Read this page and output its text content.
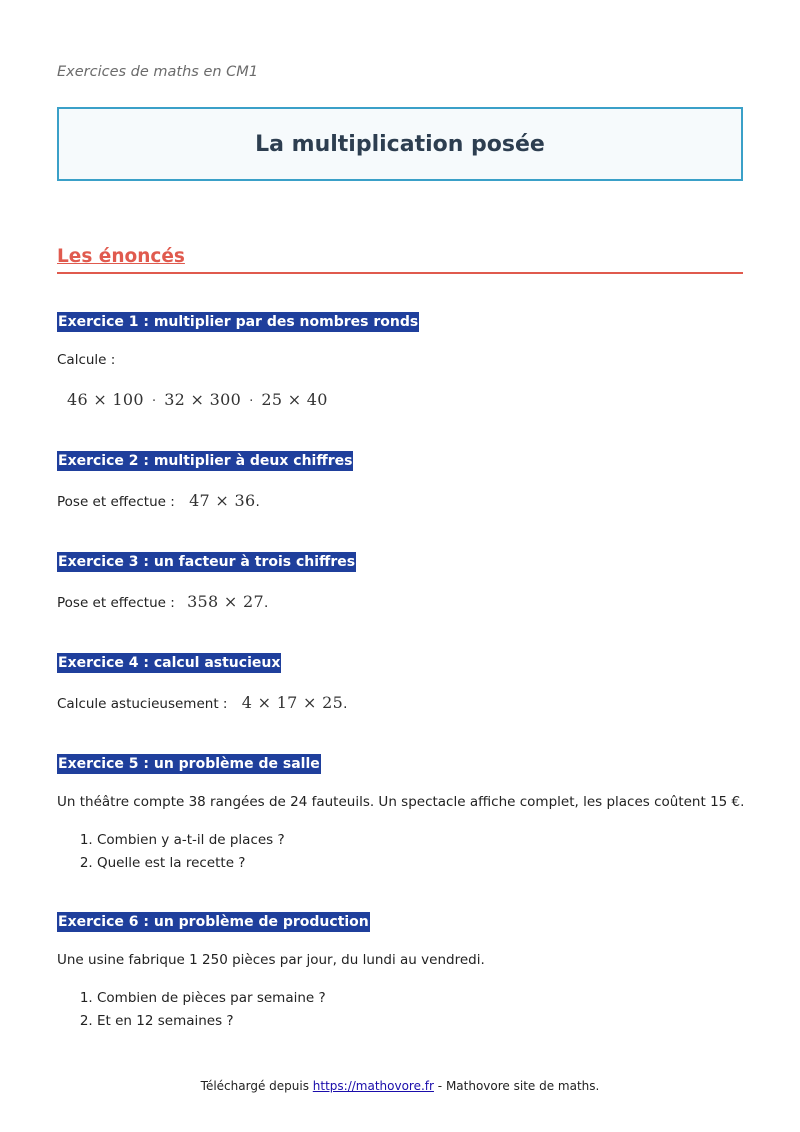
Exercices de maths en CM1
La multiplication posée
Les énoncés
Exercice 1 : multiplier par des nombres ronds
Calcule :
46 × 100 · 32 × 300 · 25 × 40
Exercice 2 : multiplier à deux chiffres
Pose et effectue : 47 × 36.
Exercice 3 : un facteur à trois chiffres
Pose et effectue : 358 × 27.
Exercice 4 : calcul astucieux
Calcule astucieusement : 4 × 17 × 25.
Exercice 5 : un problème de salle
Un théâtre compte 38 rangées de 24 fauteuils. Un spectacle affiche complet, les places coûtent 15 €.
1. Combien y a-t-il de places ?
2. Quelle est la recette ?
Exercice 6 : un problème de production
Une usine fabrique 1 250 pièces par jour, du lundi au vendredi.
1. Combien de pièces par semaine ?
2. Et en 12 semaines ?
Téléchargé depuis https://mathovore.fr - Mathovore site de maths.
